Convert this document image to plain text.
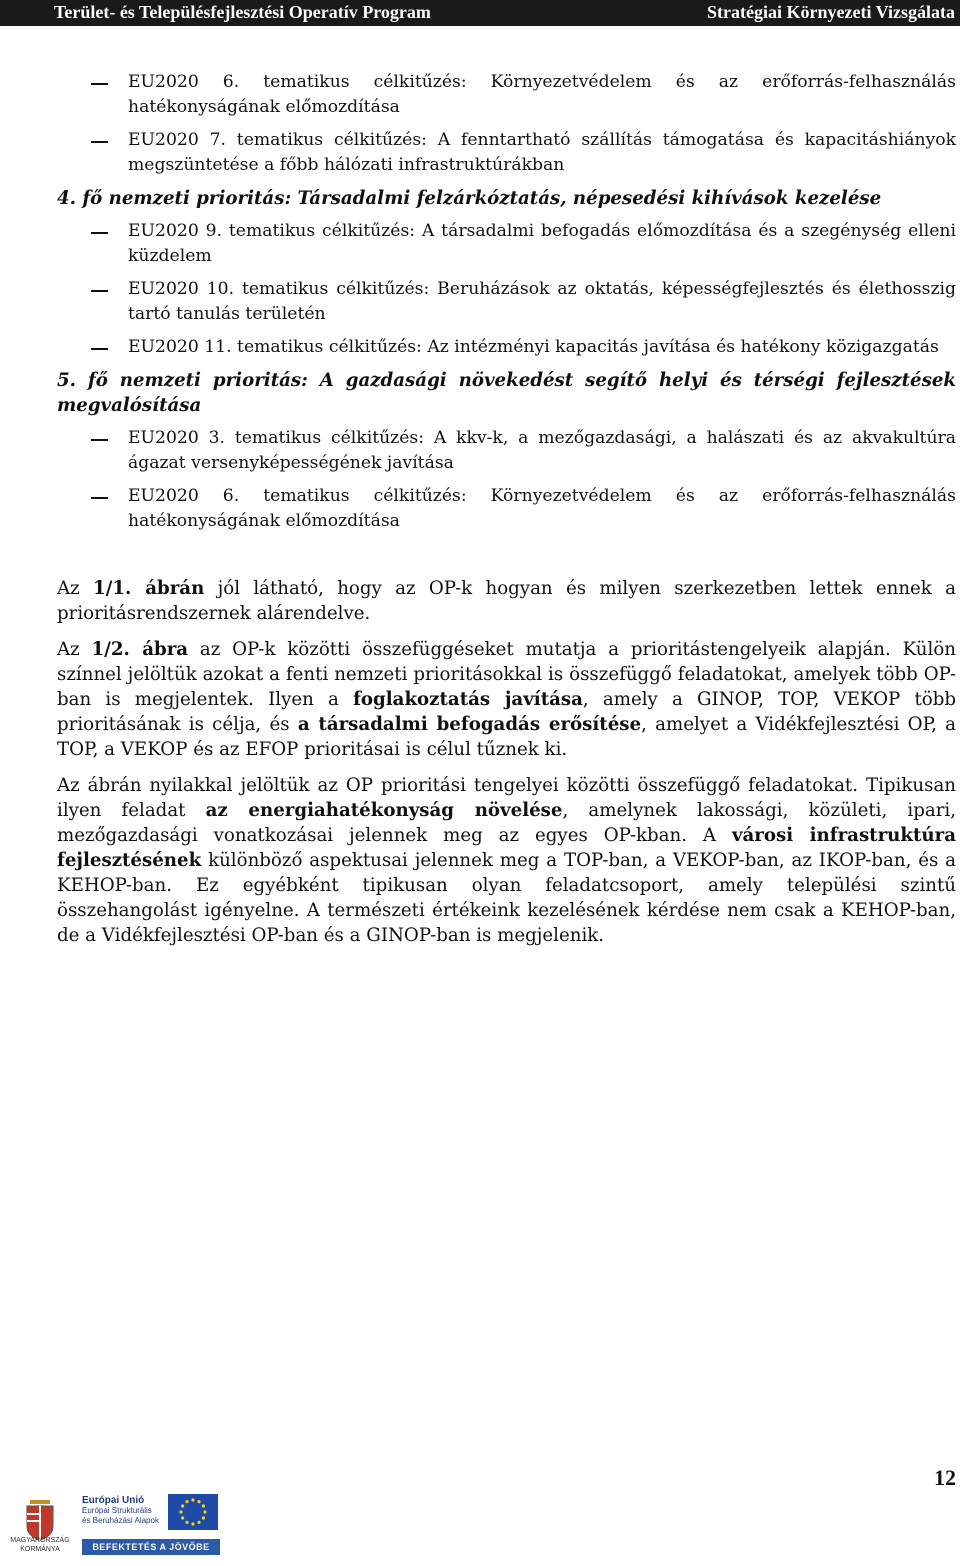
Terület- és Településfejlesztési Operatív Program	Stratégiai Környezeti Vizsgálata
EU2020 6. tematikus célkitűzés: Környezetvédelem és az erőforrás-felhasználás hatékonyságának előmozdítása
EU2020 7. tematikus célkitűzés: A fenntartható szállítás támogatása és kapacitáshiányok megszüntetése a főbb hálózati infrastruktúrákban
4. fő nemzeti prioritás: Társadalmi felzárkóztatás, népesedési kihívások kezelése
EU2020 9. tematikus célkitűzés: A társadalmi befogadás előmozdítása és a szegénység elleni küzdelem
EU2020 10. tematikus célkitűzés: Beruházások az oktatás, képességfejlesztés és élethosszig tartó tanulás területén
EU2020 11. tematikus célkitűzés: Az intézményi kapacitás javítása és hatékony közigazgatás
5. fő nemzeti prioritás: A gazdasági növekedést segítő helyi és térségi fejlesztések megvalósítása
EU2020 3. tematikus célkitűzés: A kkv-k, a mezőgazdasági, a halászati és az akvakultúra ágazat versenyképességének javítása
EU2020 6. tematikus célkitűzés: Környezetvédelem és az erőforrás-felhasználás hatékonyságának előmozdítása

Az 1/1. ábrán jól látható, hogy az OP-k hogyan és milyen szerkezetben lettek ennek a prioritásrendszernek alárendelve.

Az 1/2. ábra az OP-k közötti összefüggéseket mutatja a prioritástengelyeik alapján. Külön színnel jelöltük azokat a fenti nemzeti prioritásokkal is összefüggő feladatokat, amelyek több OP-ban is megjelentek. Ilyen a foglakoztatás javítása, amely a GINOP, TOP, VEKOP több prioritásának is célja, és a társadalmi befogadás erősítése, amelyet a Vidékfejlesztési OP, a TOP, a VEKOP és az EFOP prioritásai is célul tűznek ki.

Az ábrán nyilakkal jelöltük az OP prioritási tengelyei közötti összefüggő feladatokat. Tipikusan ilyen feladat az energiahatékonyság növelése, amelynek lakossági, közületi, ipari, mezőgazdasági vonatkozásai jelennek meg az egyes OP-kban. A városi infrastruktúra fejlesztésének különböző aspektusai jelennek meg a TOP-ban, a VEKOP-ban, az IKOP-ban, és a KEHOP-ban. Ez egyébként tipikusan olyan feladatcsoport, amely települési szintű összehangolást igényelne. A természeti értékeink kezelésének kérdése nem csak a KEHOP-ban, de a Vidékfejlesztési OP-ban és a GINOP-ban is megjelenik.

12
MAGYARORSZÁG KORMÁNYA
Európai Unió
Európai Strukturális és Beruházási Alapok
BEFEKTETÉS A JÖVŐBE
